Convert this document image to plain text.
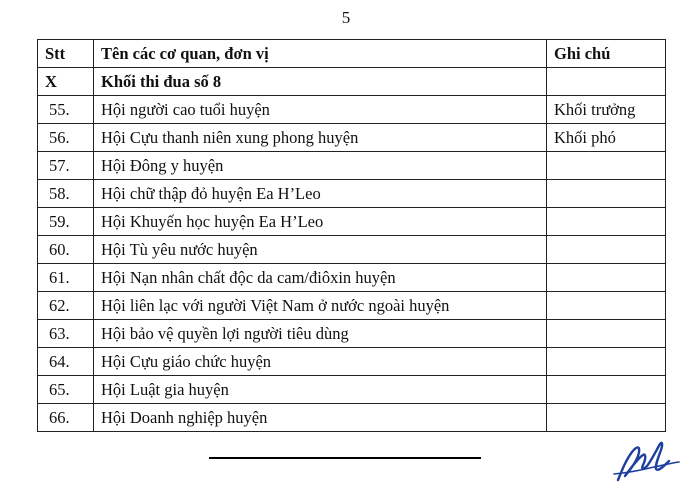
5
Stt	Tên các cơ quan, đơn vị	Ghi chú
X	Khối thi đua số 8	
55.	Hội người cao tuổi huyện	Khối trưởng
56.	Hội Cựu thanh niên xung phong huyện	Khối phó
57.	Hội Đông y huyện	
58.	Hội chữ thập đỏ huyện Ea H’Leo	
59.	Hội Khuyến học huyện Ea H’Leo	
60.	Hội Tù yêu nước huyện	
61.	Hội Nạn nhân chất độc da cam/điôxin huyện	
62.	Hội liên lạc với người Việt Nam ở nước ngoài huyện	
63.	Hội bảo vệ quyền lợi người tiêu dùng	
64.	Hội Cựu giáo chức huyện	
65.	Hội Luật gia huyện	
66.	Hội Doanh nghiệp huyện	
